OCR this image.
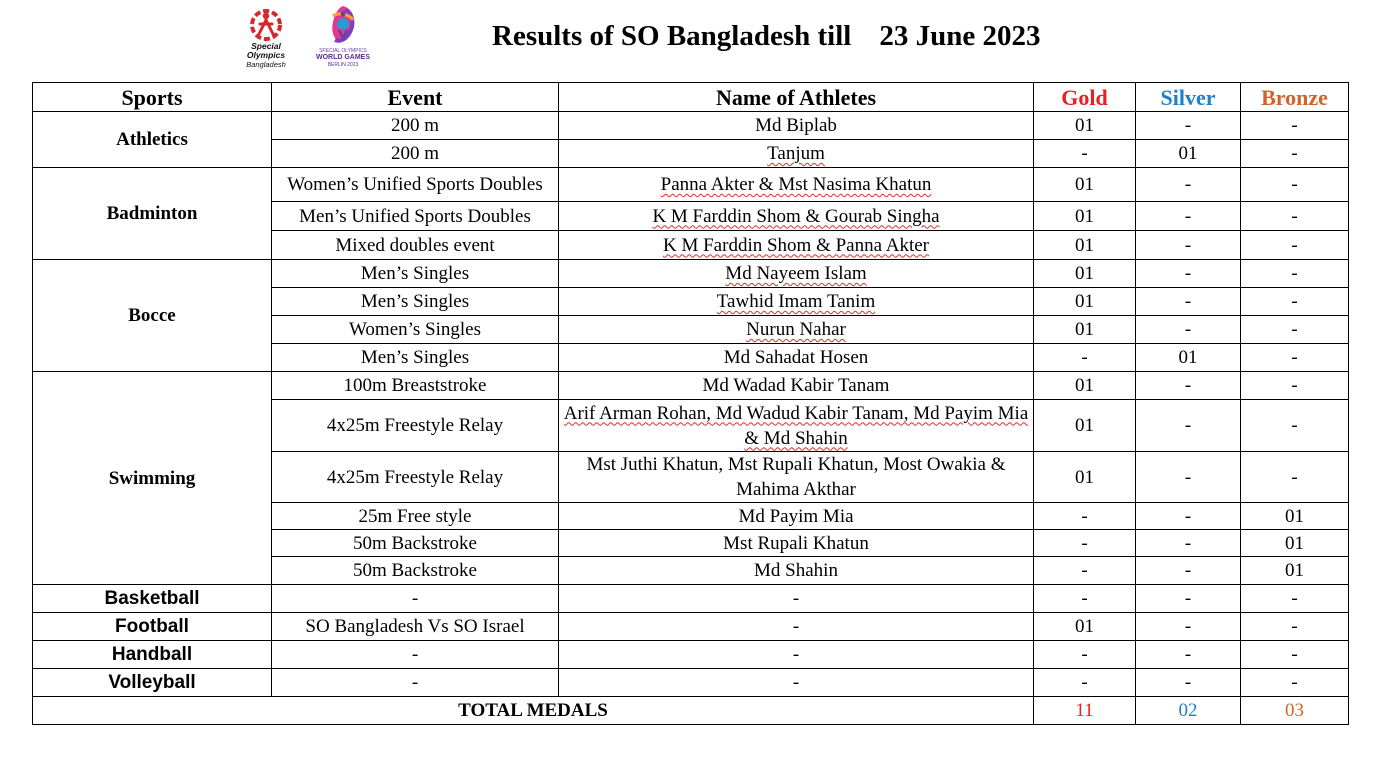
Special
Olympics
Bangladesh
SPECIAL OLYMPICS
WORLD GAMES
BERLIN 2023
Results of SO Bangladesh till 23 June 2023
Sports	Event	Name of Athletes	Gold	Silver	Bronze
Athletics	200 m	Md Biplab	01	-	-
	200 m	Tanjum	-	01	-
Badminton	Women’s Unified Sports Doubles	Panna Akter & Mst Nasima Khatun	01	-	-
	Men’s Unified Sports Doubles	K M Farddin Shom & Gourab Singha	01	-	-
	Mixed doubles event	K M Farddin Shom & Panna Akter	01	-	-
Bocce	Men’s Singles	Md Nayeem Islam	01	-	-
	Men’s Singles	Tawhid Imam Tanim	01	-	-
	Women’s Singles	Nurun Nahar	01	-	-
	Men’s Singles	Md Sahadat Hosen	-	01	-
Swimming	100m Breaststroke	Md Wadad Kabir Tanam	01	-	-
	4x25m Freestyle Relay	Arif Arman Rohan, Md Wadud Kabir Tanam, Md Payim Mia & Md Shahin	01	-	-
	4x25m Freestyle Relay	Mst Juthi Khatun, Mst Rupali Khatun, Most Owakia & Mahima Akthar	01	-	-
	25m Free style	Md Payim Mia	-	-	01
	50m Backstroke	Mst Rupali Khatun	-	-	01
	50m Backstroke	Md Shahin	-	-	01
Basketball	-	-	-	-	-
Football	SO Bangladesh Vs SO Israel	-	01	-	-
Handball	-	-	-	-	-
Volleyball	-	-	-	-	-
TOTAL MEDALS			11	02	03
